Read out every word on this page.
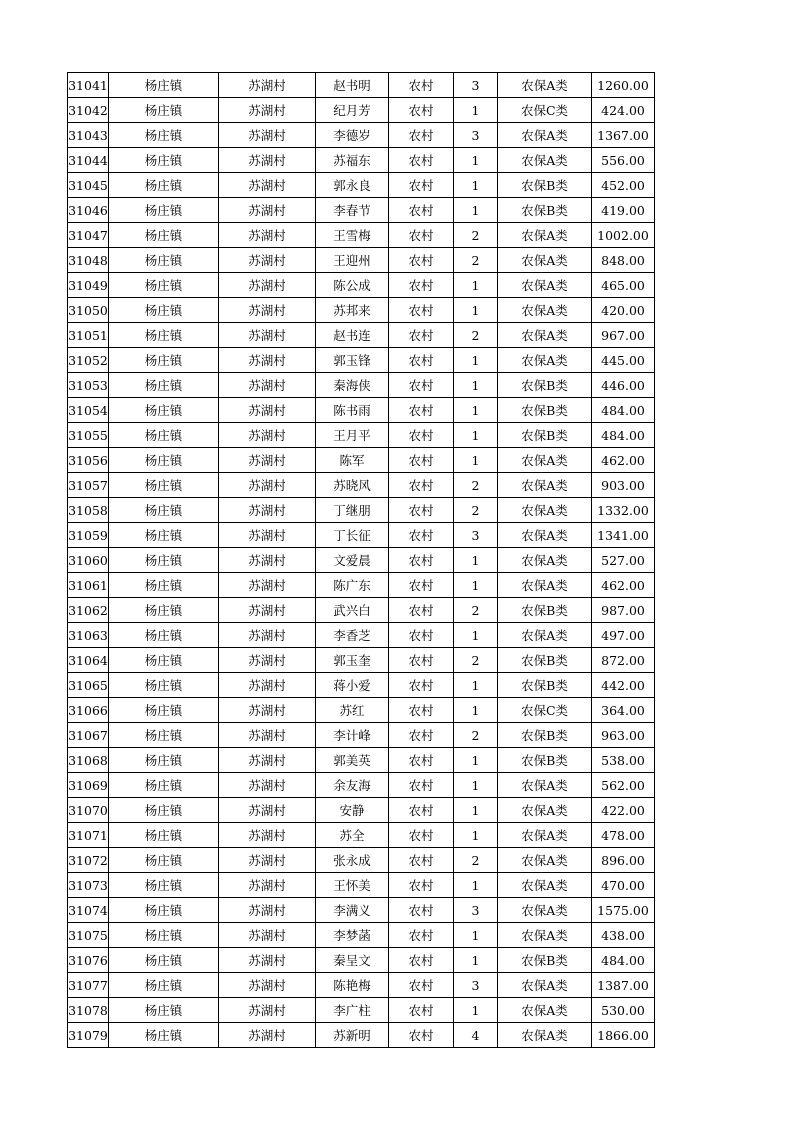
31041	杨庄镇	苏湖村	赵书明	农村	3	农保A类	1260.00
31042	杨庄镇	苏湖村	纪月芳	农村	1	农保C类	424.00
31043	杨庄镇	苏湖村	李德岁	农村	3	农保A类	1367.00
31044	杨庄镇	苏湖村	苏福东	农村	1	农保A类	556.00
31045	杨庄镇	苏湖村	郭永良	农村	1	农保B类	452.00
31046	杨庄镇	苏湖村	李春节	农村	1	农保B类	419.00
31047	杨庄镇	苏湖村	王雪梅	农村	2	农保A类	1002.00
31048	杨庄镇	苏湖村	王迎州	农村	2	农保A类	848.00
31049	杨庄镇	苏湖村	陈公成	农村	1	农保A类	465.00
31050	杨庄镇	苏湖村	苏邦来	农村	1	农保A类	420.00
31051	杨庄镇	苏湖村	赵书连	农村	2	农保A类	967.00
31052	杨庄镇	苏湖村	郭玉锋	农村	1	农保A类	445.00
31053	杨庄镇	苏湖村	秦海侠	农村	1	农保B类	446.00
31054	杨庄镇	苏湖村	陈书雨	农村	1	农保B类	484.00
31055	杨庄镇	苏湖村	王月平	农村	1	农保B类	484.00
31056	杨庄镇	苏湖村	陈军	农村	1	农保A类	462.00
31057	杨庄镇	苏湖村	苏晓风	农村	2	农保A类	903.00
31058	杨庄镇	苏湖村	丁继朋	农村	2	农保A类	1332.00
31059	杨庄镇	苏湖村	丁长征	农村	3	农保A类	1341.00
31060	杨庄镇	苏湖村	文爱晨	农村	1	农保A类	527.00
31061	杨庄镇	苏湖村	陈广东	农村	1	农保A类	462.00
31062	杨庄镇	苏湖村	武兴白	农村	2	农保B类	987.00
31063	杨庄镇	苏湖村	李香芝	农村	1	农保A类	497.00
31064	杨庄镇	苏湖村	郭玉奎	农村	2	农保B类	872.00
31065	杨庄镇	苏湖村	蒋小爱	农村	1	农保B类	442.00
31066	杨庄镇	苏湖村	苏红	农村	1	农保C类	364.00
31067	杨庄镇	苏湖村	李计峰	农村	2	农保B类	963.00
31068	杨庄镇	苏湖村	郭美英	农村	1	农保B类	538.00
31069	杨庄镇	苏湖村	余友海	农村	1	农保A类	562.00
31070	杨庄镇	苏湖村	安静	农村	1	农保A类	422.00
31071	杨庄镇	苏湖村	苏全	农村	1	农保A类	478.00
31072	杨庄镇	苏湖村	张永成	农村	2	农保A类	896.00
31073	杨庄镇	苏湖村	王怀美	农村	1	农保A类	470.00
31074	杨庄镇	苏湖村	李满义	农村	3	农保A类	1575.00
31075	杨庄镇	苏湖村	李梦菡	农村	1	农保A类	438.00
31076	杨庄镇	苏湖村	秦呈文	农村	1	农保B类	484.00
31077	杨庄镇	苏湖村	陈艳梅	农村	3	农保A类	1387.00
31078	杨庄镇	苏湖村	李广柱	农村	1	农保A类	530.00
31079	杨庄镇	苏湖村	苏新明	农村	4	农保A类	1866.00
